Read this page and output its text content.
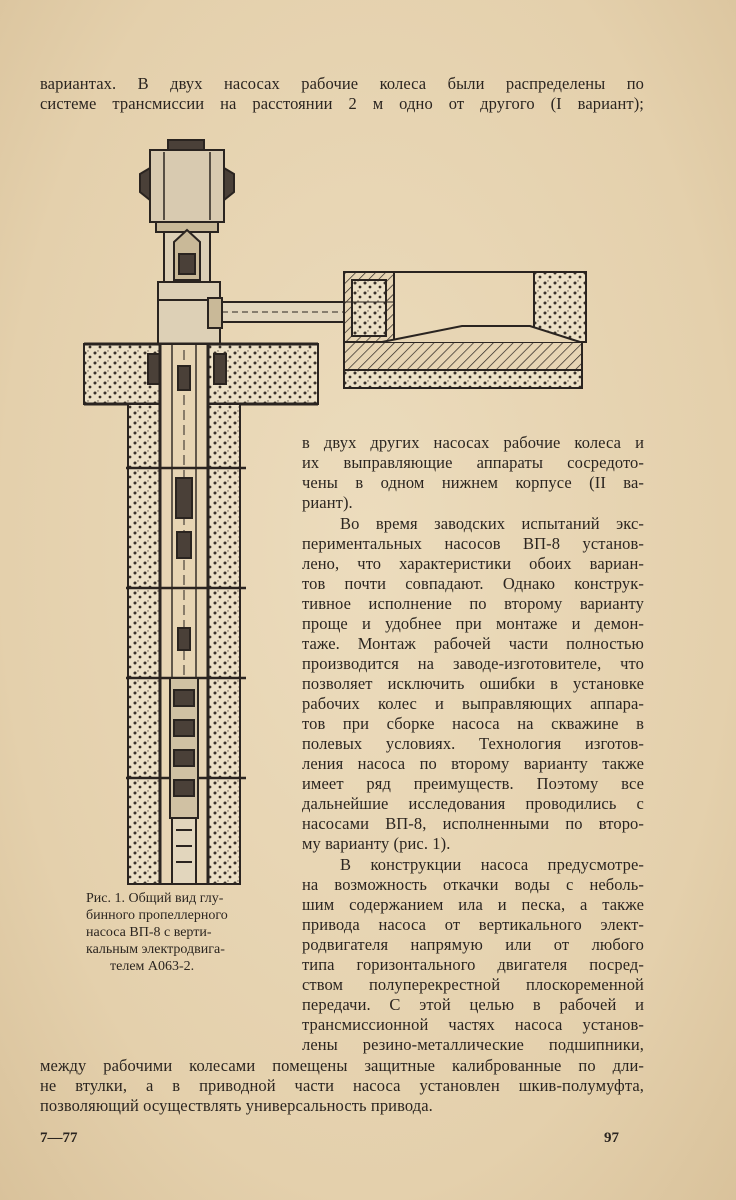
вариантах. В двух насосах рабочие колеса были распределены по
системе трансмиссии на расстоянии 2 м одно от другого (I вариант);
в двух других насосах рабочие колеса и
их выправляющие аппараты сосредото-
чены в одном нижнем корпусе (II ва-
риант).
Во время заводских испытаний экс-
периментальных насосов ВП-8 установ-
лено, что характеристики обоих вариан-
тов почти совпадают. Однако конструк-
тивное исполнение по второму варианту
проще и удобнее при монтаже и демон-
таже. Монтаж рабочей части полностью
производится на заводе-изготовителе, что
позволяет исключить ошибки в установке
рабочих колес и выправляющих аппара-
тов при сборке насоса на скважине в
полевых условиях. Технология изготов-
ления насоса по второму варианту также
имеет ряд преимуществ. Поэтому все
дальнейшие исследования проводились с
насосами ВП-8, исполненными по второ-
му варианту (рис. 1).
В конструкции насоса предусмотре-
на возможность откачки воды с неболь-
шим содержанием ила и песка, а также
привода насоса от вертикального элект-
родвигателя напрямую или от любого
типа горизонтального двигателя посред-
ством полуперекрестной плоскоременной
передачи. С этой целью в рабочей и
трансмиссионной частях насоса установ-
лены резино-металлические подшипники,
Рис. 1. Общий вид глу-
бинного пропеллерного
насоса ВП-8 с верти-
кальным электродвига-
телем А063-2.
между рабочими колесами помещены защитные калиброванные по дли-
не втулки, а в приводной части насоса установлен шкив-полумуфта,
позволяющий осуществлять универсальность привода.
7—77	97
